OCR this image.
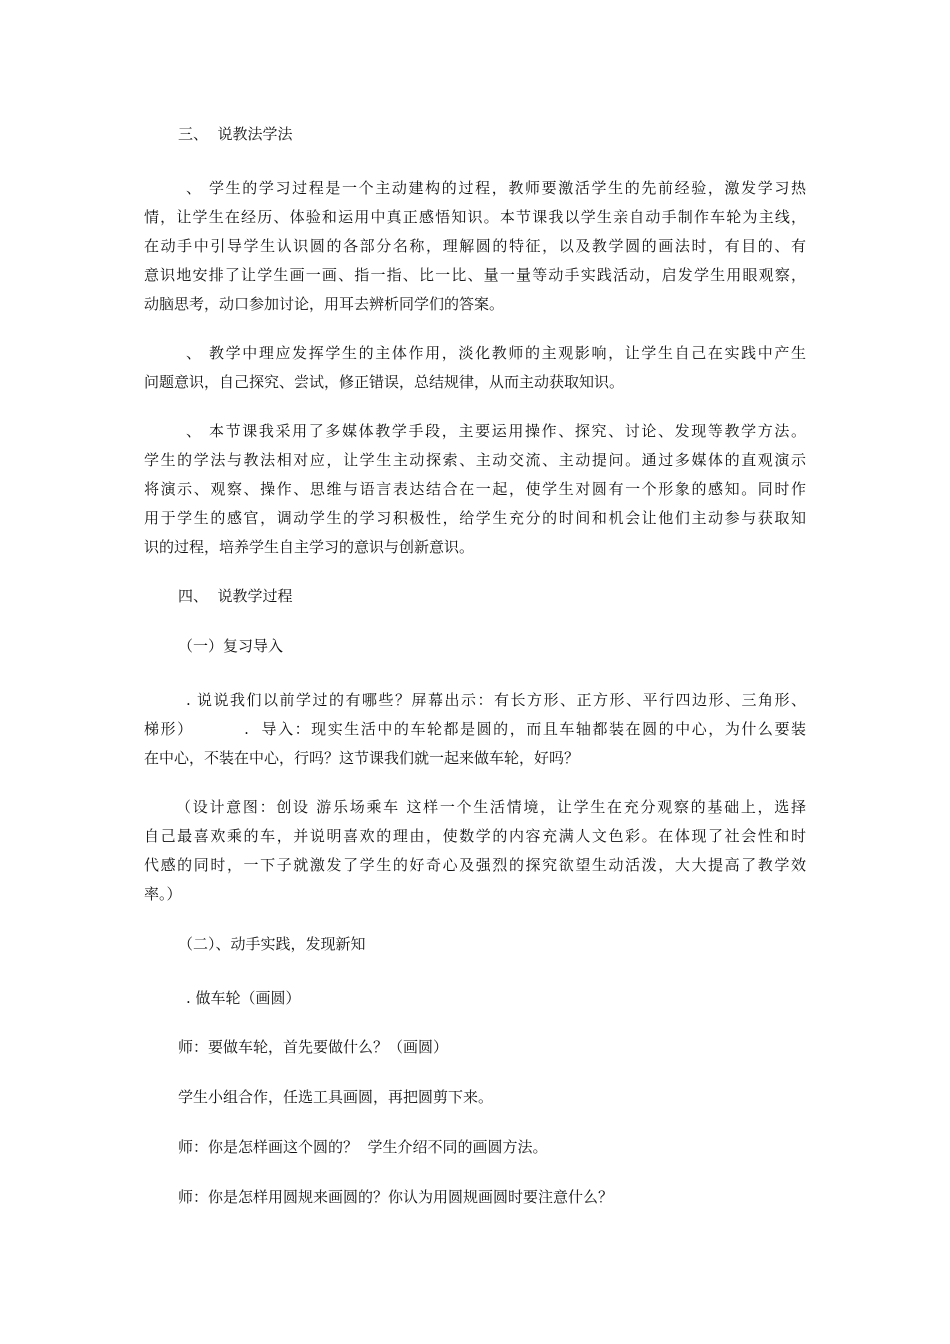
三、  说教法学法
、 学生的学习过程是一个主动建构的过程，教师要激活学生的先前经验，激发学习热
情，让学生在经历、体验和运用中真正感悟知识。本节课我以学生亲自动手制作车轮为主线，
在动手中引导学生认识圆的各部分名称，理解圆的特征，以及教学圆的画法时，有目的、有
意识地安排了让学生画一画、指一指、比一比、量一量等动手实践活动，启发学生用眼观察，
动脑思考，动口参加讨论，用耳去辨析同学们的答案。
、 教学中理应发挥学生的主体作用，淡化教师的主观影响，让学生自己在实践中产生
问题意识，自己探究、尝试，修正错误，总结规律，从而主动获取知识。
、 本节课我采用了多媒体教学手段，主要运用操作、探究、讨论、发现等教学方法。
学生的学法与教法相对应，让学生主动探索、主动交流、主动提问。通过多媒体的直观演示
将演示、观察、操作、思维与语言表达结合在一起，使学生对圆有一个形象的感知。同时作
用于学生的感官，调动学生的学习积极性，给学生充分的时间和机会让他们主动参与获取知
识的过程，培养学生自主学习的意识与创新意识。
四、  说教学过程
（一）复习导入
. 说说我们以前学过的有哪些？屏幕出示：有长方形、正方形、平行四边形、三角形、
梯形）        .  导入：现实生活中的车轮都是圆的，而且车轴都装在圆的中心，为什么要装
在中心，不装在中心，行吗？这节课我们就一起来做车轮，好吗？
（设计意图：创设 游乐场乘车 这样一个生活情境，让学生在充分观察的基础上，选择
自己最喜欢乘的车，并说明喜欢的理由，使数学的内容充满人文色彩。在体现了社会性和时
代感的同时，一下子就激发了学生的好奇心及强烈的探究欲望生动活泼，大大提高了教学效
率。）
（二）、动手实践，发现新知
. 做车轮（画圆）
师：要做车轮，首先要做什么？（画圆）
学生小组合作，任选工具画圆，再把圆剪下来。
师：你是怎样画这个圆的？  学生介绍不同的画圆方法。
师：你是怎样用圆规来画圆的？你认为用圆规画圆时要注意什么？
